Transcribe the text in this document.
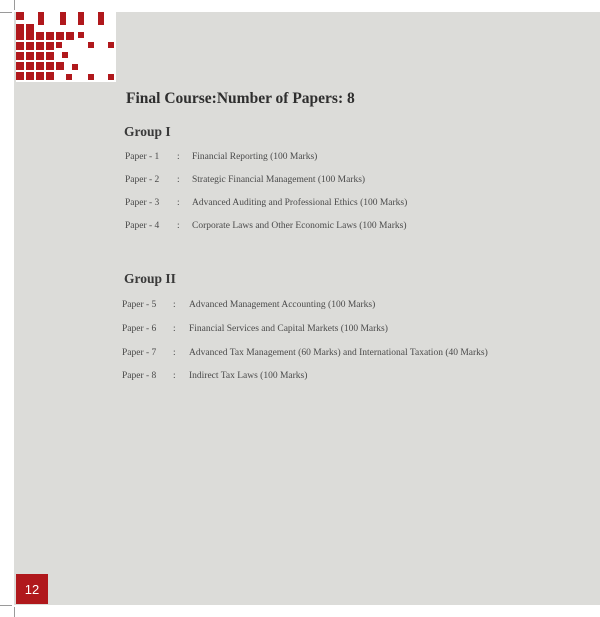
Final Course:Number of Papers: 8
Group I
Paper - 1 : Financial Reporting (100 Marks)
Paper - 2 : Strategic Financial Management (100 Marks)
Paper - 3 : Advanced Auditing and Professional Ethics (100 Marks)
Paper - 4 : Corporate Laws and Other Economic Laws (100 Marks)
Group II
Paper - 5 : Advanced Management Accounting (100 Marks)
Paper - 6 : Financial Services and Capital Markets (100 Marks)
Paper - 7 : Advanced Tax Management (60 Marks) and International Taxation (40 Marks)
Paper - 8 : Indirect Tax Laws (100 Marks)
12
